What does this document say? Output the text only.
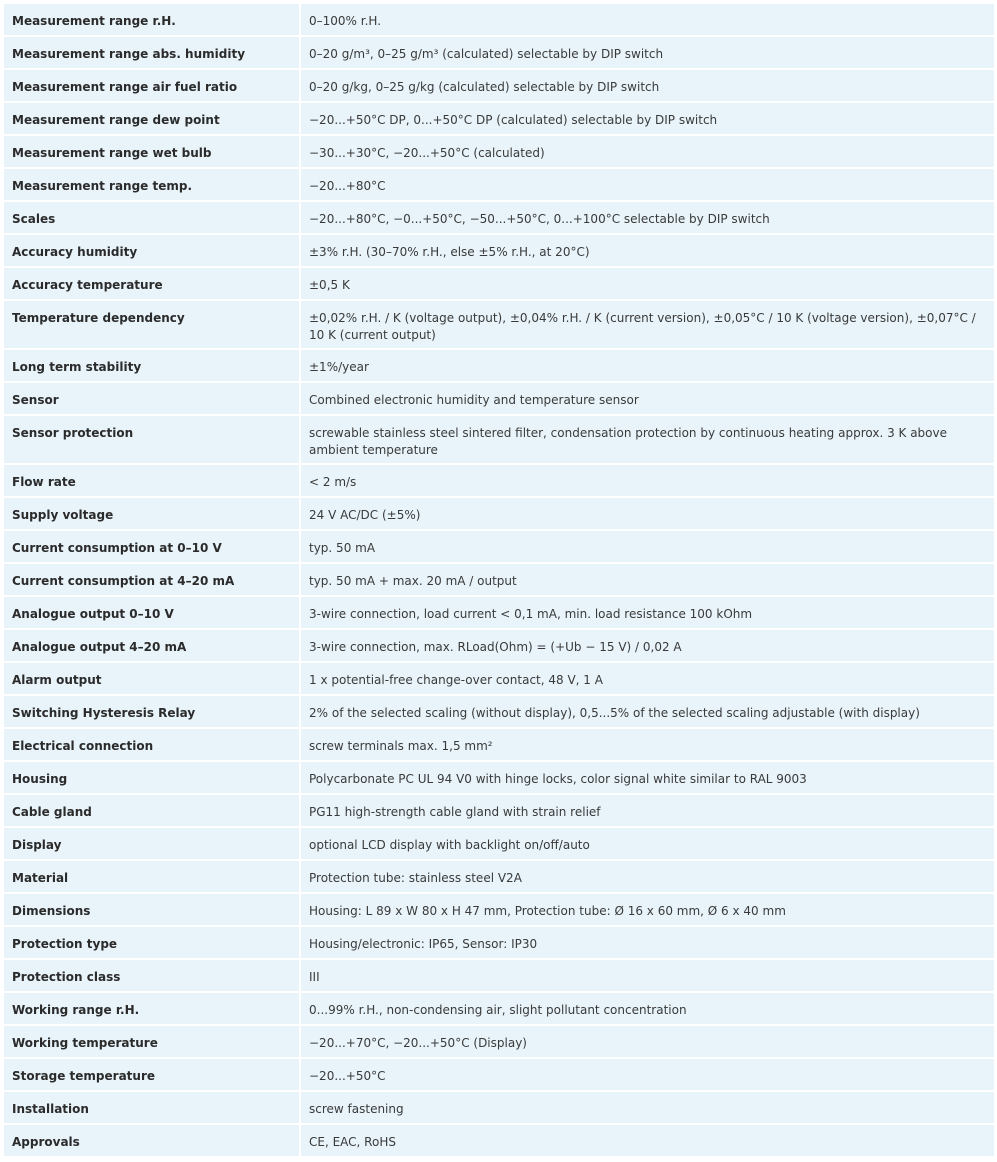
Measurement range r.H.	0–100% r.H.
Measurement range abs. humidity	0–20 g/m³, 0–25 g/m³ (calculated) selectable by DIP switch
Measurement range air fuel ratio	0–20 g/kg, 0–25 g/kg (calculated) selectable by DIP switch
Measurement range dew point	−20...+50°C DP, 0...+50°C DP (calculated) selectable by DIP switch
Measurement range wet bulb	−30...+30°C, −20...+50°C (calculated)
Measurement range temp.	−20...+80°C
Scales	−20...+80°C, −0...+50°C, −50...+50°C, 0...+100°C selectable by DIP switch
Accuracy humidity	±3% r.H. (30–70% r.H., else ±5% r.H., at 20°C)
Accuracy temperature	±0,5 K
Temperature dependency	±0,02% r.H. / K (voltage output), ±0,04% r.H. / K (current version), ±0,05°C / 10 K (voltage version), ±0,07°C / 10 K (current output)
Long term stability	±1%/year
Sensor	Combined electronic humidity and temperature sensor
Sensor protection	screwable stainless steel sintered filter, condensation protection by continuous heating approx. 3 K above ambient temperature
Flow rate	< 2 m/s
Supply voltage	24 V AC/DC (±5%)
Current consumption at 0–10 V	typ. 50 mA
Current consumption at 4–20 mA	typ. 50 mA + max. 20 mA / output
Analogue output 0–10 V	3-wire connection, load current < 0,1 mA, min. load resistance 100 kOhm
Analogue output 4–20 mA	3-wire connection, max. RLoad(Ohm) = (+Ub − 15 V) / 0,02 A
Alarm output	1 x potential-free change-over contact, 48 V, 1 A
Switching Hysteresis Relay	2% of the selected scaling (without display), 0,5...5% of the selected scaling adjustable (with display)
Electrical connection	screw terminals max. 1,5 mm²
Housing	Polycarbonate PC UL 94 V0 with hinge locks, color signal white similar to RAL 9003
Cable gland	PG11 high-strength cable gland with strain relief
Display	optional LCD display with backlight on/off/auto
Material	Protection tube: stainless steel V2A
Dimensions	Housing: L 89 x W 80 x H 47 mm, Protection tube: Ø 16 x 60 mm, Ø 6 x 40 mm
Protection type	Housing/electronic: IP65, Sensor: IP30
Protection class	III
Working range r.H.	0...99% r.H., non-condensing air, slight pollutant concentration
Working temperature	−20...+70°C, −20...+50°C (Display)
Storage temperature	−20...+50°C
Installation	screw fastening
Approvals	CE, EAC, RoHS
